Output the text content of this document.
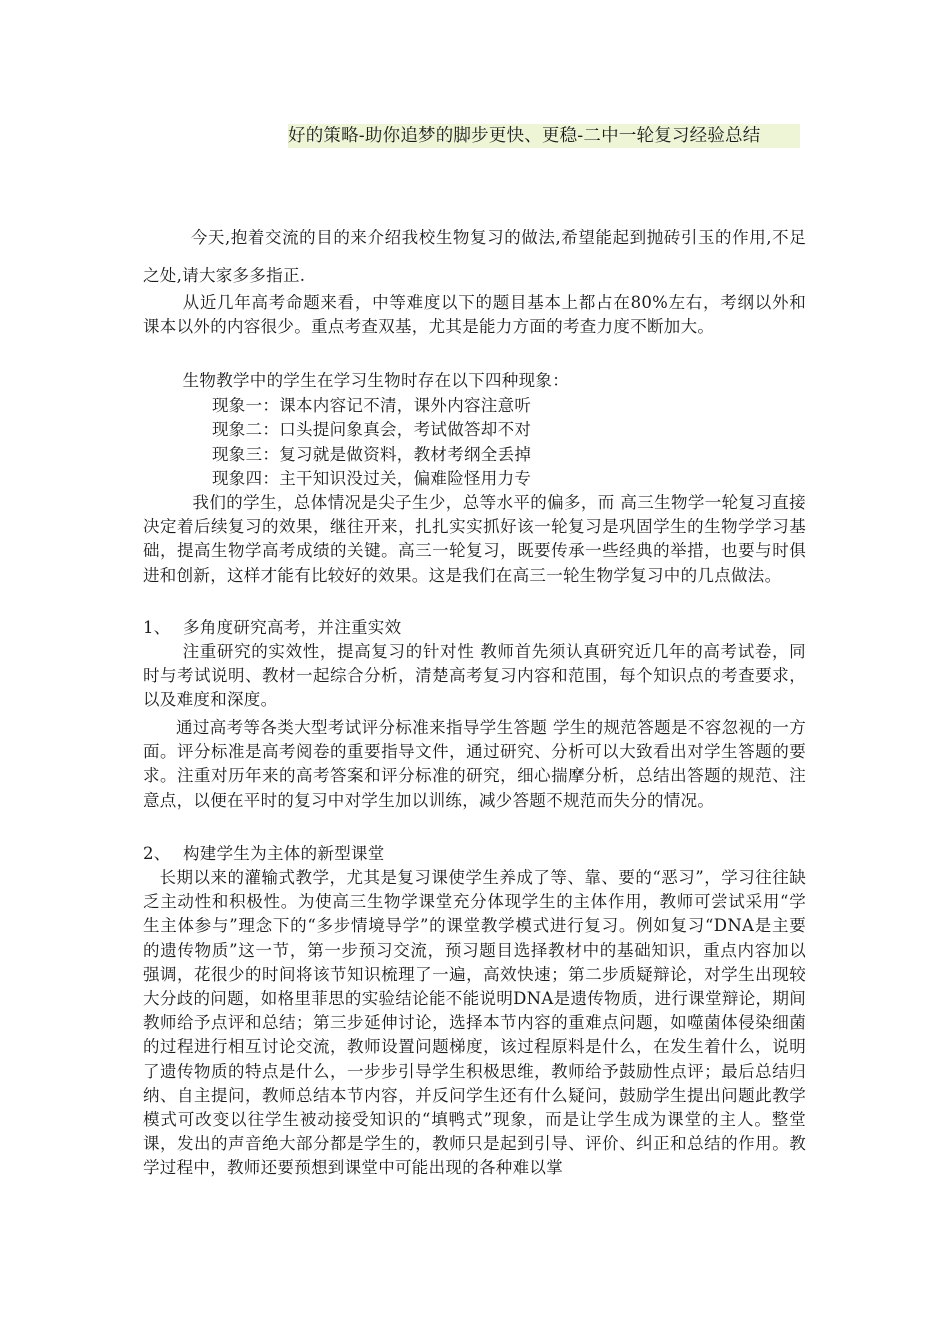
好的策略-助你追梦的脚步更快、更稳-二中一轮复习经验总结
今天,抱着交流的目的来介绍我校生物复习的做法,希望能起到抛砖引玉的作用,不足之处,请大家多多指正.
从近几年高考命题来看，中等难度以下的题目基本上都占在80%左右，考纲以外和课本以外的内容很少。重点考查双基，尤其是能力方面的考查力度不断加大。
生物教学中的学生在学习生物时存在以下四种现象：
现象一：课本内容记不清，课外内容注意听
现象二：口头提问象真会，考试做答却不对
现象三：复习就是做资料，教材考纲全丢掉
现象四：主干知识没过关，偏难险怪用力专
我们的学生，总体情况是尖子生少，总等水平的偏多，而 高三生物学一轮复习直接决定着后续复习的效果，继往开来，扎扎实实抓好该一轮复习是巩固学生的生物学学习基础，提高生物学高考成绩的关键。高三一轮复习，既要传承一些经典的举措，也要与时俱进和创新，这样才能有比较好的效果。这是我们在高三一轮生物学复习中的几点做法。
1、 多角度研究高考，并注重实效
注重研究的实效性，提高复习的针对性 教师首先须认真研究近几年的高考试卷，同时与考试说明、教材一起综合分析，清楚高考复习内容和范围，每个知识点的考查要求，以及难度和深度。
通过高考等各类大型考试评分标准来指导学生答题 学生的规范答题是不容忽视的一方面。评分标准是高考阅卷的重要指导文件，通过研究、分析可以大致看出对学生答题的要求。注重对历年来的高考答案和评分标准的研究，细心揣摩分析，总结出答题的规范、注意点，以便在平时的复习中对学生加以训练，减少答题不规范而失分的情况。
2、 构建学生为主体的新型课堂
长期以来的灌输式教学，尤其是复习课使学生养成了等、靠、要的“恶习”，学习往往缺乏主动性和积极性。为使高三生物学课堂充分体现学生的主体作用，教师可尝试采用“学生主体参与”理念下的“多步情境导学”的课堂教学模式进行复习。例如复习“DNA是主要的遗传物质”这一节，第一步预习交流，预习题目选择教材中的基础知识，重点内容加以强调，花很少的时间将该节知识梳理了一遍，高效快速；第二步质疑辩论，对学生出现较大分歧的问题，如格里菲思的实验结论能不能说明DNA是遗传物质，进行课堂辩论，期间教师给予点评和总结；第三步延伸讨论，选择本节内容的重难点问题，如噬菌体侵染细菌的过程进行相互讨论交流，教师设置问题梯度，该过程原料是什么，在发生着什么，说明了遗传物质的特点是什么，一步步引导学生积极思维，教师给予鼓励性点评；最后总结归纳、自主提问，教师总结本节内容，并反问学生还有什么疑问，鼓励学生提出问题此教学模式可改变以往学生被动接受知识的“填鸭式”现象，而是让学生成为课堂的主人。整堂课，发出的声音绝大部分都是学生的，教师只是起到引导、评价、纠正和总结的作用。教学过程中，教师还要预想到课堂中可能出现的各种难以掌
